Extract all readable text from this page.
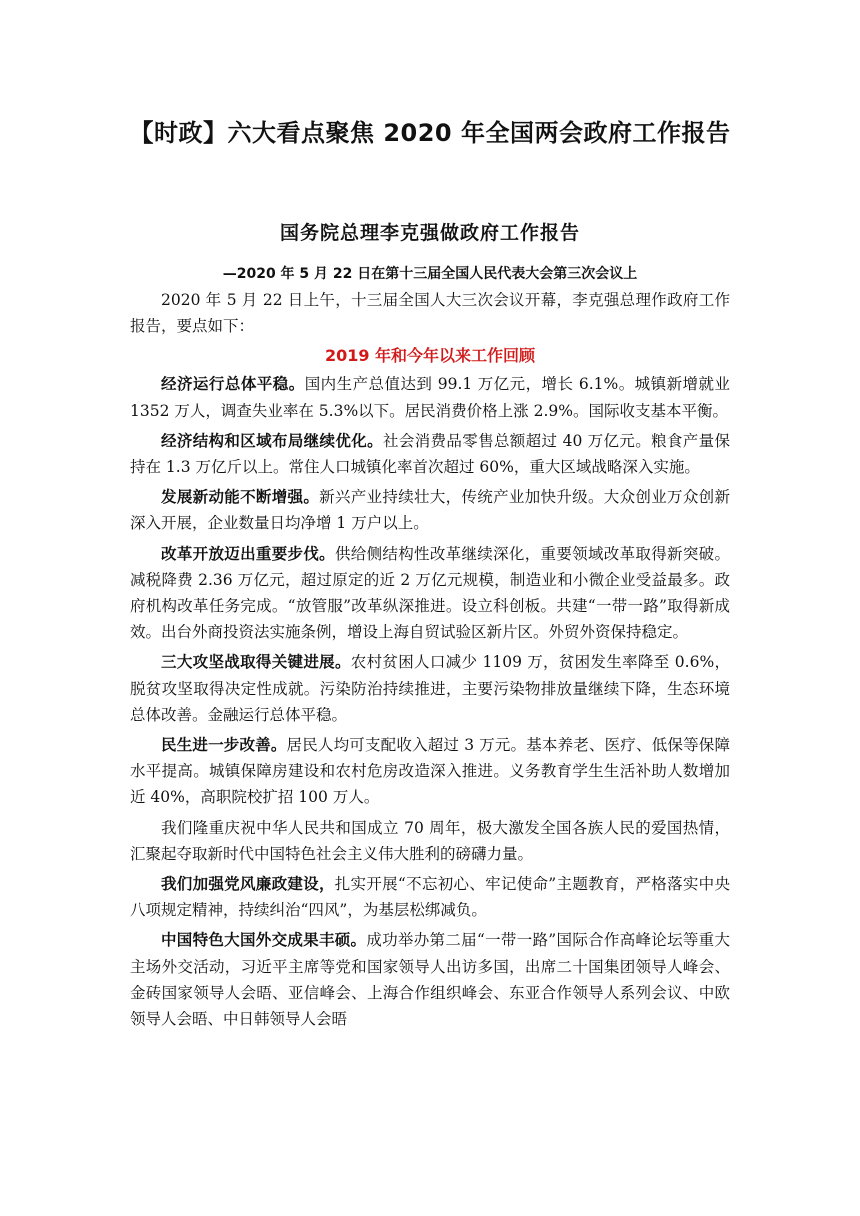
【时政】六大看点聚焦 2020 年全国两会政府工作报告
国务院总理李克强做政府工作报告
—2020 年 5 月 22 日在第十三届全国人民代表大会第三次会议上

2020 年 5 月 22 日上午，十三届全国人大三次会议开幕，李克强总理作政府工作报告，要点如下：

2019 年和今年以来工作回顾

经济运行总体平稳。国内生产总值达到 99.1 万亿元，增长 6.1%。城镇新增就业 1352 万人，调查失业率在 5.3%以下。居民消费价格上涨 2.9%。国际收支基本平衡。

经济结构和区域布局继续优化。社会消费品零售总额超过 40 万亿元。粮食产量保持在 1.3 万亿斤以上。常住人口城镇化率首次超过 60%，重大区域战略深入实施。

发展新动能不断增强。新兴产业持续壮大，传统产业加快升级。大众创业万众创新深入开展，企业数量日均净增 1 万户以上。

改革开放迈出重要步伐。供给侧结构性改革继续深化，重要领域改革取得新突破。减税降费 2.36 万亿元，超过原定的近 2 万亿元规模，制造业和小微企业受益最多。政府机构改革任务完成。“放管服”改革纵深推进。设立科创板。共建“一带一路”取得新成效。出台外商投资法实施条例，增设上海自贸试验区新片区。外贸外资保持稳定。

三大攻坚战取得关键进展。农村贫困人口减少 1109 万，贫困发生率降至 0.6%，脱贫攻坚取得决定性成就。污染防治持续推进，主要污染物排放量继续下降，生态环境总体改善。金融运行总体平稳。

民生进一步改善。居民人均可支配收入超过 3 万元。基本养老、医疗、低保等保障水平提高。城镇保障房建设和农村危房改造深入推进。义务教育学生生活补助人数增加近 40%，高职院校扩招 100 万人。

我们隆重庆祝中华人民共和国成立 70 周年，极大激发全国各族人民的爱国热情，汇聚起夺取新时代中国特色社会主义伟大胜利的磅礴力量。

我们加强党风廉政建设，扎实开展“不忘初心、牢记使命”主题教育，严格落实中央八项规定精神，持续纠治“四风”，为基层松绑减负。

中国特色大国外交成果丰硕。成功举办第二届“一带一路”国际合作高峰论坛等重大主场外交活动，习近平主席等党和国家领导人出访多国，出席二十国集团领导人峰会、金砖国家领导人会晤、亚信峰会、上海合作组织峰会、东亚合作领导人系列会议、中欧领导人会晤、中日韩领导人会晤
